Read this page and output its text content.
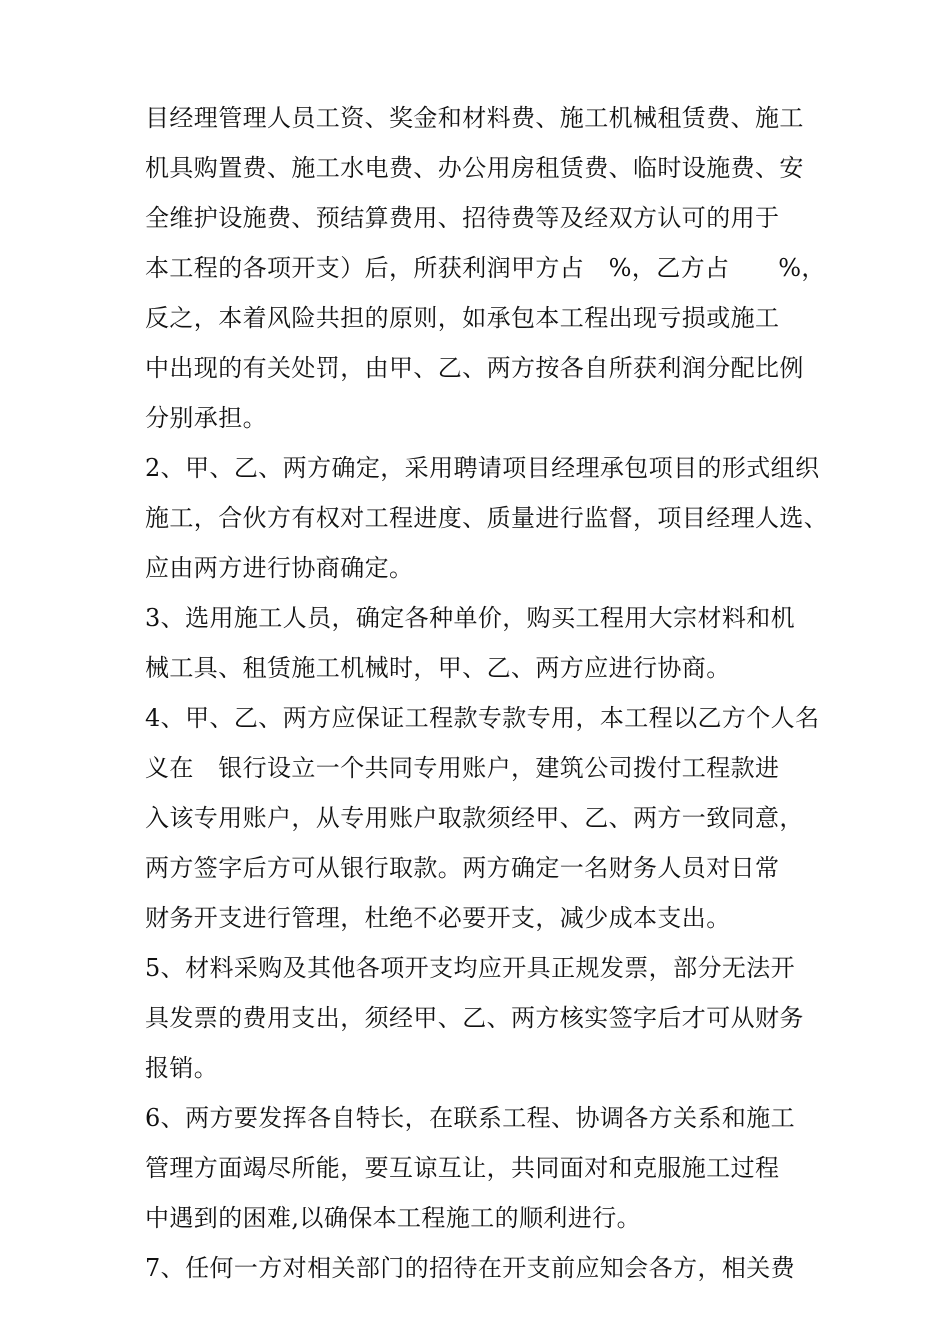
目经理管理人员工资、奖金和材料费、施工机械租赁费、施工
机具购置费、施工水电费、办公用房租赁费、临时设施费、安
全维护设施费、预结算费用、招待费等及经双方认可的用于
本工程的各项开支）后，所获利润甲方占　%，乙方占　　%，
反之，本着风险共担的原则，如承包本工程出现亏损或施工
中出现的有关处罚，由甲、乙、两方按各自所获利润分配比例
分别承担。
2、甲、乙、两方确定，采用聘请项目经理承包项目的形式组织
施工，合伙方有权对工程进度、质量进行监督，项目经理人选、
应由两方进行协商确定。
3、选用施工人员，确定各种单价，购买工程用大宗材料和机
械工具、租赁施工机械时，甲、乙、两方应进行协商。
4、甲、乙、两方应保证工程款专款专用，本工程以乙方个人名
义在　银行设立一个共同专用账户，建筑公司拨付工程款进
入该专用账户，从专用账户取款须经甲、乙、两方一致同意，
两方签字后方可从银行取款。两方确定一名财务人员对日常
财务开支进行管理，杜绝不必要开支，减少成本支出。
5、材料采购及其他各项开支均应开具正规发票，部分无法开
具发票的费用支出，须经甲、乙、两方核实签字后才可从财务
报销。
6、两方要发挥各自特长，在联系工程、协调各方关系和施工
管理方面竭尽所能，要互谅互让，共同面对和克服施工过程
中遇到的困难,以确保本工程施工的顺利进行。
7、任何一方对相关部门的招待在开支前应知会各方，相关费
